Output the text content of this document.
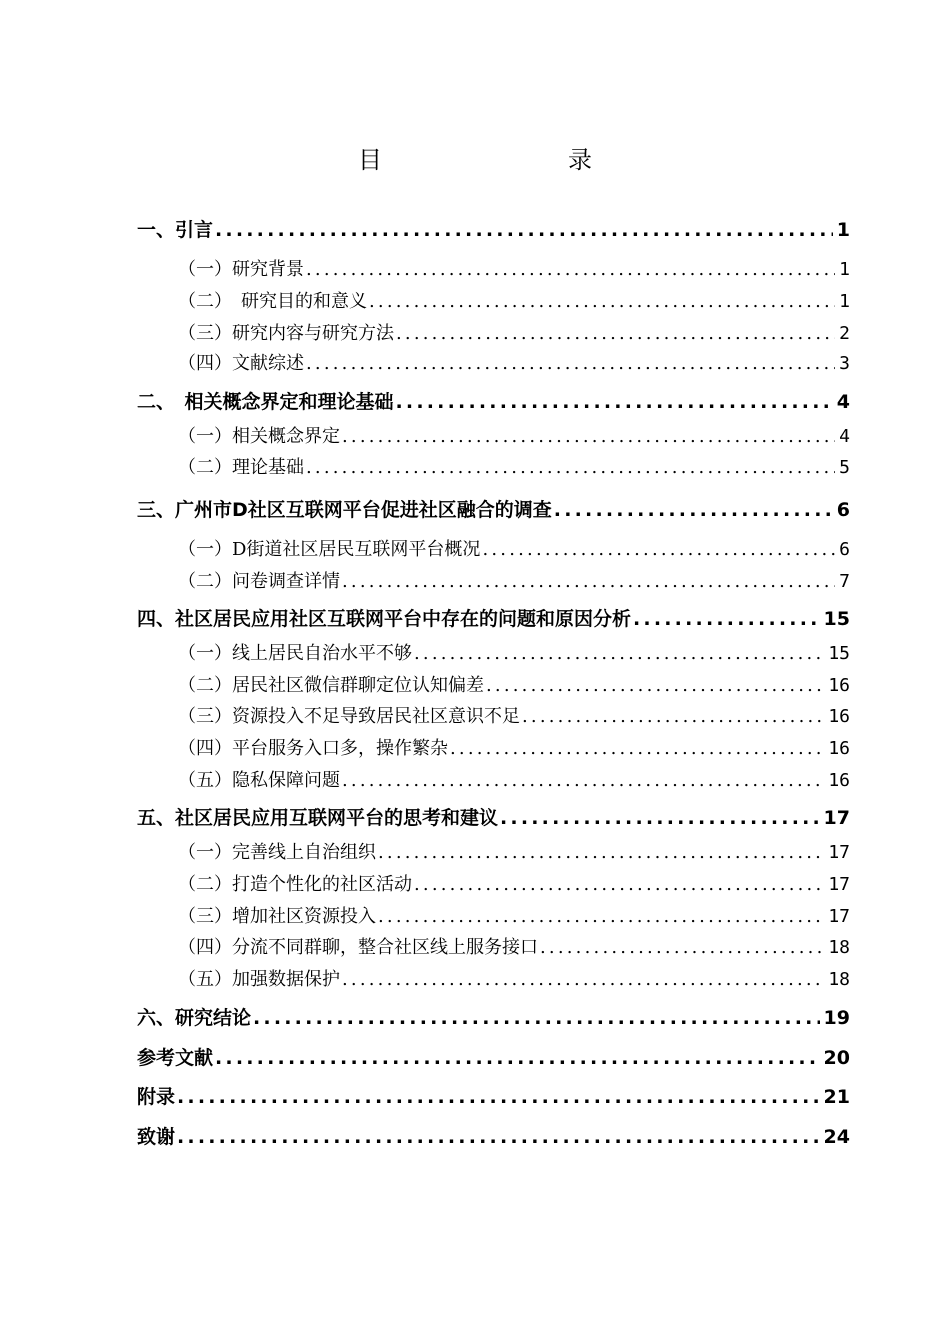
目　　录
一、引言 .....	1
（一）研究背景 .....	1
（二）　研究目的和意义 .....	1
（三）研究内容与研究方法 .....	2
（四）文献综述 .....	3
二、　相关概念界定和理论基础 .....	4
（一）相关概念界定 .....	4
（二）理论基础 .....	5
三、广州市D社区互联网平台促进社区融合的调查 .....	6
（一）D街道社区居民互联网平台概况 .....	6
（二）问卷调查详情 .....	7
四、社区居民应用社区互联网平台中存在的问题和原因分析 .....	15
（一）线上居民自治水平不够 .....	15
（二）居民社区微信群聊定位认知偏差 .....	16
（三）资源投入不足导致居民社区意识不足 .....	16
（四）平台服务入口多，操作繁杂 .....	16
（五）隐私保障问题 .....	16
五、社区居民应用互联网平台的思考和建议 .....	17
（一）完善线上自治组织 .....	17
（二）打造个性化的社区活动 .....	17
（三）增加社区资源投入 .....	17
（四）分流不同群聊，整合社区线上服务接口 .....	18
（五）加强数据保护 .....	18
六、研究结论 .....	19
参考文献 .....	20
附录 .....	21
致谢 .....	24
